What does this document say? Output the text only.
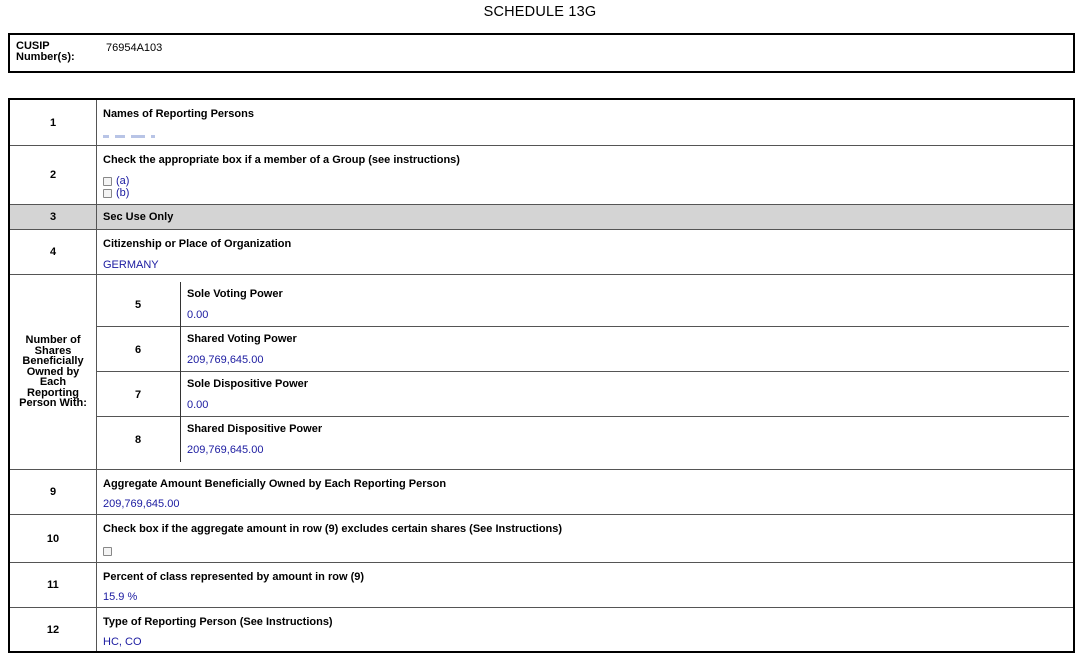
SCHEDULE 13G
CUSIP
Number(s):
76954A103
1
Names of Reporting Persons
2
Check the appropriate box if a member of a Group (see instructions)
(a)
(b)
3	Sec Use Only
4
Citizenship or Place of Organization
GERMANY
Number of Shares Beneficially Owned by Each Reporting Person With:
5
Sole Voting Power
0.00
6
Shared Voting Power
209,769,645.00
7
Sole Dispositive Power
0.00
8
Shared Dispositive Power
209,769,645.00
9
Aggregate Amount Beneficially Owned by Each Reporting Person
209,769,645.00
10
Check box if the aggregate amount in row (9) excludes certain shares (See Instructions)
11
Percent of class represented by amount in row (9)
15.9 %
12
Type of Reporting Person (See Instructions)
HC, CO
